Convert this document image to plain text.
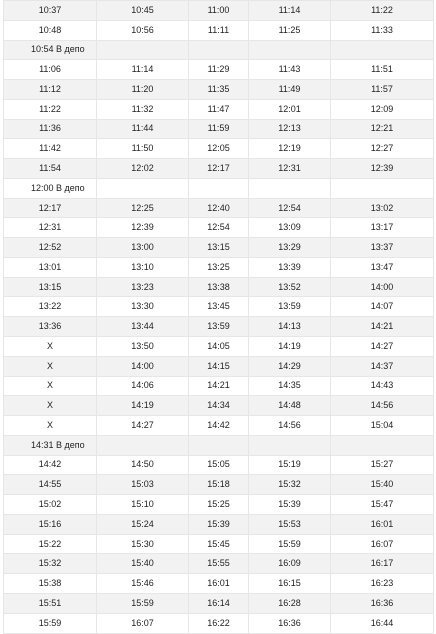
10:37	10:45	11:00	11:14	11:22
10:48	10:56	11:11	11:25	11:33
10:54 В депо				
11:06	11:14	11:29	11:43	11:51
11:12	11:20	11:35	11:49	11:57
11:22	11:32	11:47	12:01	12:09
11:36	11:44	11:59	12:13	12:21
11:42	11:50	12:05	12:19	12:27
11:54	12:02	12:17	12:31	12:39
12:00 В депо				
12:17	12:25	12:40	12:54	13:02
12:31	12:39	12:54	13:09	13:17
12:52	13:00	13:15	13:29	13:37
13:01	13:10	13:25	13:39	13:47
13:15	13:23	13:38	13:52	14:00
13:22	13:30	13:45	13:59	14:07
13:36	13:44	13:59	14:13	14:21
X	13:50	14:05	14:19	14:27
X	14:00	14:15	14:29	14:37
X	14:06	14:21	14:35	14:43
X	14:19	14:34	14:48	14:56
X	14:27	14:42	14:56	15:04
14:31 В депо				
14:42	14:50	15:05	15:19	15:27
14:55	15:03	15:18	15:32	15:40
15:02	15:10	15:25	15:39	15:47
15:16	15:24	15:39	15:53	16:01
15:22	15:30	15:45	15:59	16:07
15:32	15:40	15:55	16:09	16:17
15:38	15:46	16:01	16:15	16:23
15:51	15:59	16:14	16:28	16:36
15:59	16:07	16:22	16:36	16:44
